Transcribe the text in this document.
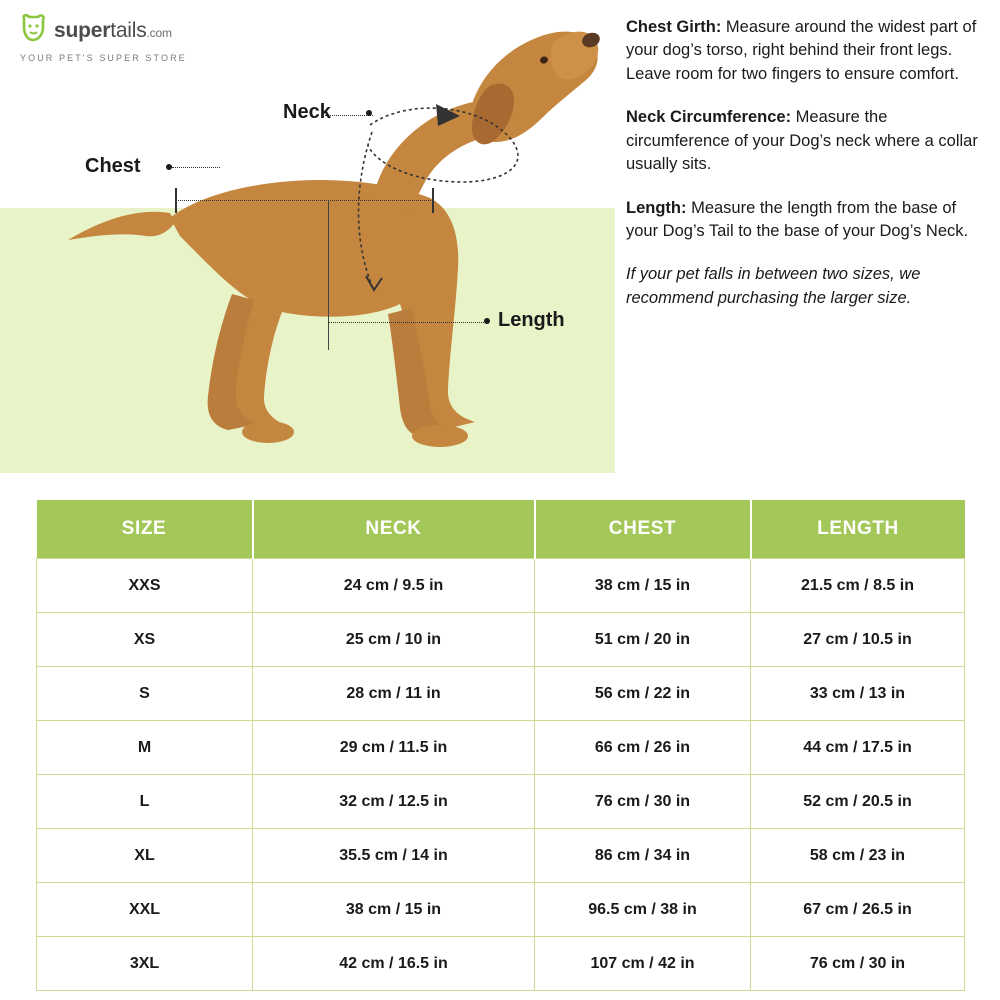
supertails.com
YOUR PET'S SUPER STORE
Neck
Chest
Length

Chest Girth: Measure around the widest part of your dog’s torso, right behind their front legs. Leave room for two fingers to ensure comfort.

Neck Circumference: Measure the circumference of your Dog’s neck where a collar usually sits.

Length: Measure the length from the base of your Dog’s Tail to the base of your Dog’s Neck.

If your pet falls in between two sizes, we recommend purchasing the larger size.

SIZE	NECK	CHEST	LENGTH
XXS	24 cm / 9.5 in	38 cm / 15 in	21.5 cm / 8.5 in
XS	25 cm / 10 in	51 cm / 20 in	27 cm / 10.5 in
S	28 cm / 11 in	56 cm / 22 in	33 cm / 13 in
M	29 cm / 11.5 in	66 cm / 26 in	44 cm / 17.5 in
L	32 cm / 12.5 in	76 cm / 30 in	52 cm / 20.5 in
XL	35.5 cm / 14 in	86 cm / 34 in	58 cm / 23 in
XXL	38 cm / 15 in	96.5 cm / 38 in	67 cm / 26.5 in
3XL	42 cm / 16.5 in	107 cm / 42 in	76 cm / 30 in
